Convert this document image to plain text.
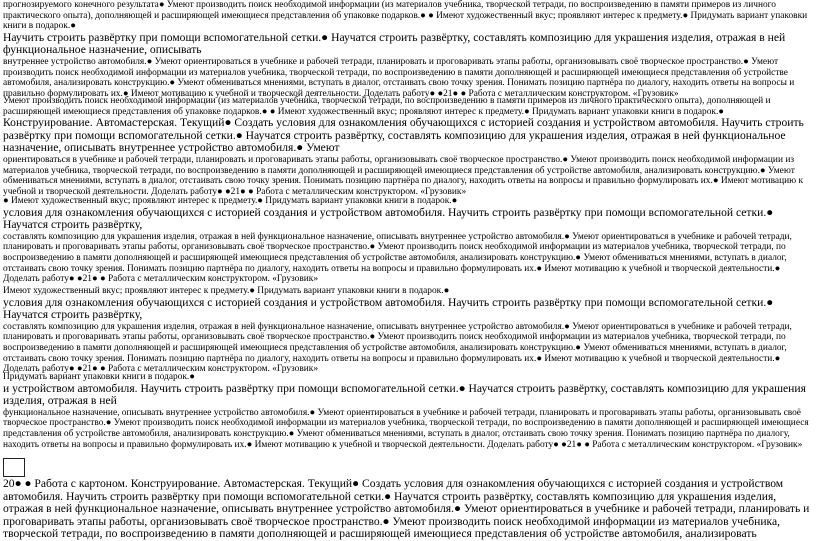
прогнозируемого конечного результата● Умеют производить поиск необходимой информации (из материалов учебника, творческой тетради, по воспроизведению в памяти примеров из личного практического опыта), дополняющей и расширяющей имеющиеся представления об упаковке подарков.● ● Имеют художественный вкус; проявляют интерес к предмету.● Придумать вариант упаковки книги в подарок.●

Научить строить развёртку при помощи вспомогательной сетки.● Научатся строить развёртку, составлять композицию для украшения изделия, отражая в ней функциональное назначение, описывать

внутреннее устройство автомобиля.● Умеют ориентироваться в учебнике и рабочей тетради, планировать и проговаривать этапы работы, организовывать своё творческое пространство.● Умеют производить поиск необходимой информации из материалов учебника, творческой тетради, по воспроизведению в памяти дополняющей и расширяющей имеющиеся представления об устройстве автомобиля, анализировать конструкцию.● Умеют обмениваться мнениями, вступать в диалог, отстаивать свою точку зрения. Понимать позицию партнёра по диалогу, находить ответы на вопросы и правильно формулировать их.● Имеют мотивацию к учебной и творческой деятельности. Доделать работу● ●21● ● Работа с металлическим конструктором. «Грузовик»

Умеют производить поиск необходимой информации (из материалов учебника, творческой тетради, по воспроизведению в памяти примеров из личного практического опыта), дополняющей и расширяющей имеющиеся представления об упаковке подарков.● ● Имеют художественный вкус; проявляют интерес к предмету.● Придумать вариант упаковки книги в подарок.●

Конструирование. Автомастерская. Текущий● Создать условия для ознакомления обучающихся с историей создания и устройством автомобиля. Научить строить развёртку при помощи вспомогательной сетки.● Научатся строить развёртку, составлять композицию для украшения изделия, отражая в ней функциональное назначение, описывать внутреннее устройство автомобиля.● Умеют

ориентироваться в учебнике и рабочей тетради, планировать и проговаривать этапы работы, организовывать своё творческое пространство.● Умеют производить поиск необходимой информации из материалов учебника, творческой тетради, по воспроизведению в памяти дополняющей и расширяющей имеющиеся представления об устройстве автомобиля, анализировать конструкцию.● Умеют обмениваться мнениями, вступать в диалог, отстаивать свою точку зрения. Понимать позицию партнёра по диалогу, находить ответы на вопросы и правильно формулировать их.● Имеют мотивацию к учебной и творческой деятельности. Доделать работу● ●21● ● Работа с металлическим конструктором. «Грузовик»

● Имеют художественный вкус; проявляют интерес к предмету.● Придумать вариант упаковки книги в подарок.●

условия для ознакомления обучающихся с историей создания и устройством автомобиля. Научить строить развёртку при помощи вспомогательной сетки.● Научатся строить развёртку,

составлять композицию для украшения изделия, отражая в ней функциональное назначение, описывать внутреннее устройство автомобиля.● Умеют ориентироваться в учебнике и рабочей тетради, планировать и проговаривать этапы работы, организовывать своё творческое пространство.● Умеют производить поиск необходимой информации из материалов учебника, творческой тетради, по воспроизведению в памяти дополняющей и расширяющей имеющиеся представления об устройстве автомобиля, анализировать конструкцию.● Умеют обмениваться мнениями, вступать в диалог, отстаивать свою точку зрения. Понимать позицию партнёра по диалогу, находить ответы на вопросы и правильно формулировать их.● Имеют мотивацию к учебной и творческой деятельности.● Доделать работу● ●21● ● Работа с металлическим конструктором. «Грузовик»

Имеют художественный вкус; проявляют интерес к предмету.● Придумать вариант упаковки книги в подарок.●

условия для ознакомления обучающихся с историей создания и устройством автомобиля. Научить строить развёртку при помощи вспомогательной сетки.● Научатся строить развёртку,

составлять композицию для украшения изделия, отражая в ней функциональное назначение, описывать внутреннее устройство автомобиля.● Умеют ориентироваться в учебнике и рабочей тетради, планировать и проговаривать этапы работы, организовывать своё творческое пространство.● Умеют производить поиск необходимой информации из материалов учебника, творческой тетради, по воспроизведению в памяти дополняющей и расширяющей имеющиеся представления об устройстве автомобиля, анализировать конструкцию.● Умеют обмениваться мнениями, вступать в диалог, отстаивать свою точку зрения. Понимать позицию партнёра по диалогу, находить ответы на вопросы и правильно формулировать их.● Имеют мотивацию к учебной и творческой деятельности.● Доделать работу● ●21● ● Работа с металлическим конструктором. «Грузовик»

Придумать вариант упаковки книги в подарок.●

и устройством автомобиля. Научить строить развёртку при помощи вспомогательной сетки.● Научатся строить развёртку, составлять композицию для украшения изделия, отражая в ней

функциональное назначение, описывать внутреннее устройство автомобиля.● Умеют ориентироваться в учебнике и рабочей тетради, планировать и проговаривать этапы работы, организовывать своё творческое пространство.● Умеют производить поиск необходимой информации из материалов учебника, творческой тетради, по воспроизведению в памяти дополняющей и расширяющей имеющиеся представления об устройстве автомобиля, анализировать конструкцию.● Умеют обмениваться мнениями, вступать в диалог, отстаивать свою точку зрения. Понимать позицию партнёра по диалогу, находить ответы на вопросы и правильно формулировать их.● Имеют мотивацию к учебной и творческой деятельности. Доделать работу● ●21● ● Работа с металлическим конструктором. «Грузовик»

20● ● Работа с картоном. Конструирование. Автомастерская. Текущий● Создать условия для ознакомления обучающихся с историей создания и устройством автомобиля. Научить строить развёртку при помощи вспомогательной сетки.● Научатся строить развёртку, составлять композицию для украшения изделия, отражая в ней функциональное назначение, описывать внутреннее устройство автомобиля.● Умеют ориентироваться в учебнике и рабочей тетради, планировать и проговаривать этапы работы, организовывать своё творческое пространство.● Умеют производить поиск необходимой информации из материалов учебника, творческой тетради, по воспроизведению в памяти дополняющей и расширяющей имеющиеся представления об устройстве автомобиля, анализировать
